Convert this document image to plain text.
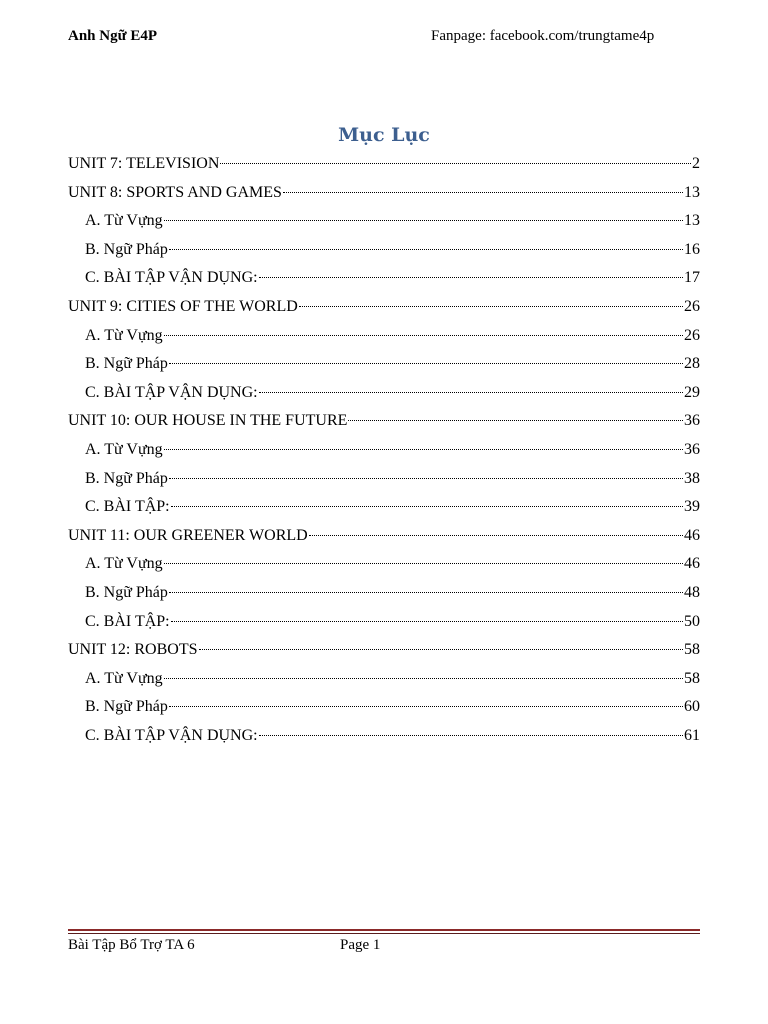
Anh Ngữ E4P	Fanpage: facebook.com/trungtame4p
Mục Lục
UNIT 7: TELEVISION	2
UNIT 8: SPORTS AND GAMES	13
A. Từ Vựng	13
B. Ngữ Pháp	16
C. BÀI TẬP VẬN DỤNG:	17
UNIT 9: CITIES OF THE WORLD	26
A. Từ Vựng	26
B. Ngữ Pháp	28
C. BÀI TẬP VẬN DỤNG:	29
UNIT 10: OUR HOUSE IN THE FUTURE	36
A. Từ Vựng	36
B. Ngữ Pháp	38
C. BÀI TẬP:	39
UNIT 11: OUR GREENER WORLD	46
A. Từ Vựng	46
B. Ngữ Pháp	48
C. BÀI TẬP:	50
UNIT 12: ROBOTS	58
A. Từ Vựng	58
B. Ngữ Pháp	60
C. BÀI TẬP VẬN DỤNG:	61
Bài Tập Bổ Trợ TA 6	Page 1
